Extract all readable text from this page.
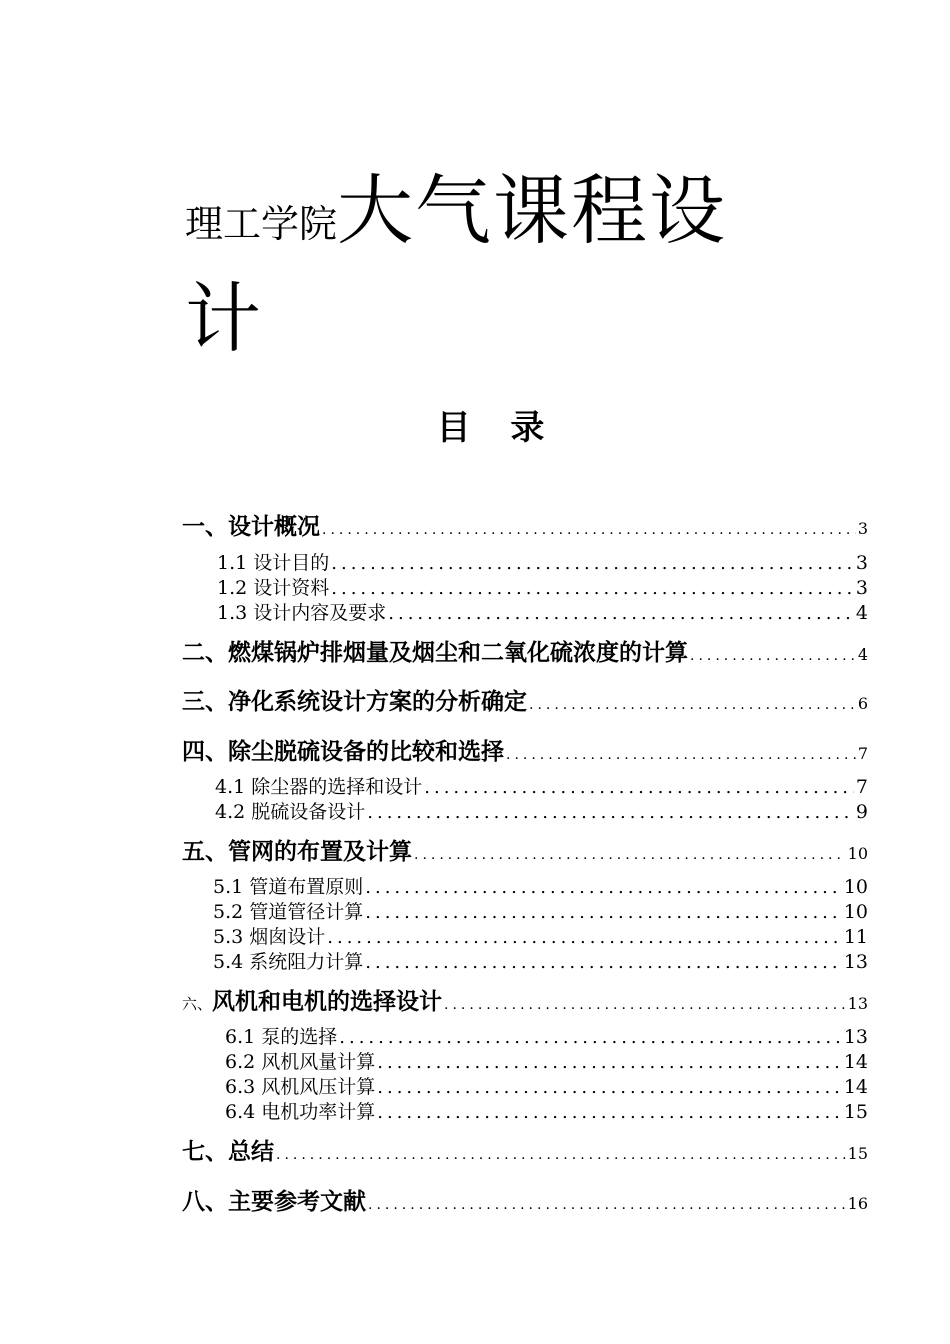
理工学院大气课程设
计
目 录
一、设计概况 .....	3
1.1 设计目的 .....	3
1.2 设计资料 .....	3
1.3 设计内容及要求 .....	4
二、燃煤锅炉排烟量及烟尘和二氧化硫浓度的计算 .....	4
三、净化系统设计方案的分析确定 .....	6
四、除尘脱硫设备的比较和选择 .....	7
4.1 除尘器的选择和设计 .....	7
4.2 脱硫设备设计 .....	9
五、管网的布置及计算 .....	10
5.1 管道布置原则 .....	10
5.2 管道管径计算 .....	10
5.3 烟囱设计 .....	11
5.4 系统阻力计算 .....	13
六、风机和电机的选择设计 .....	13
6.1 泵的选择 .....	13
6.2 风机风量计算 .....	14
6.3 风机风压计算 .....	14
6.4 电机功率计算 .....	15
七、总结 .....	15
八、主要参考文献 .....	16
